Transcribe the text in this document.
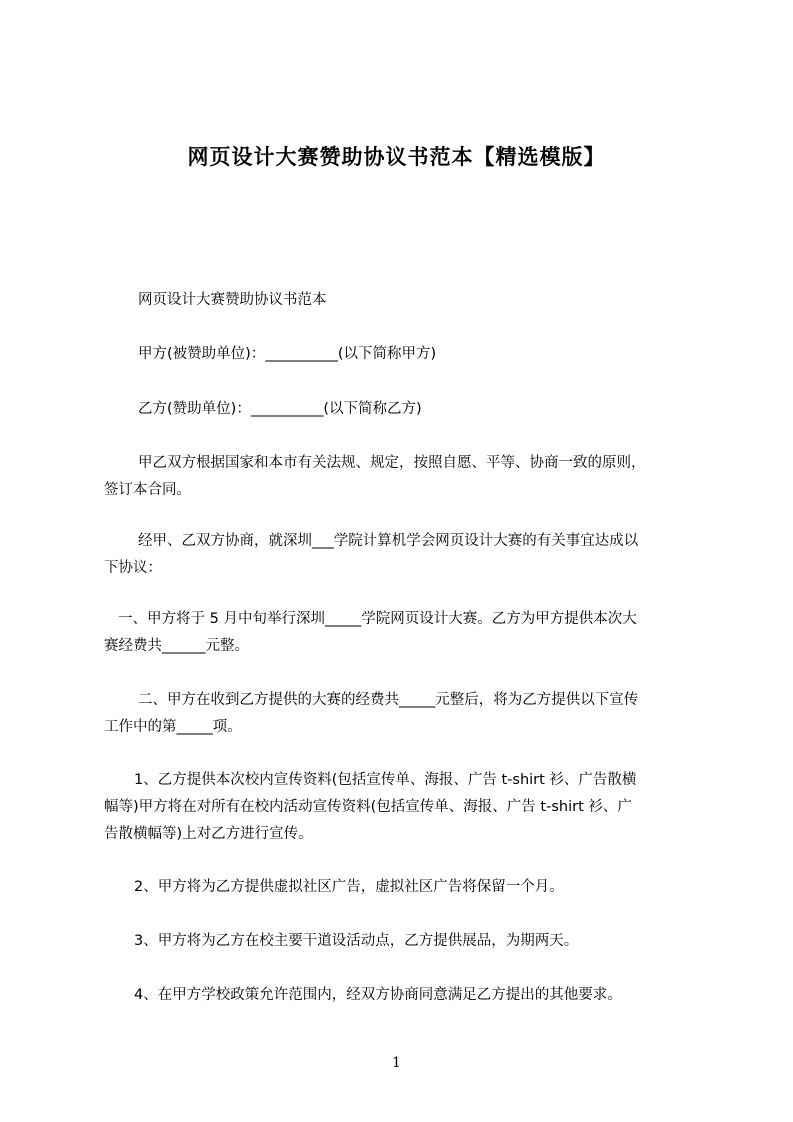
网页设计大赛赞助协议书范本【精选模版】
网页设计大赛赞助协议书范本
甲方(被赞助单位)：__________(以下简称甲方)
乙方(赞助单位)：__________(以下简称乙方)
甲乙双方根据国家和本市有关法规、规定，按照自愿、平等、协商一致的原则，
签订本合同。
经甲、乙双方协商，就深圳___学院计算机学会网页设计大赛的有关事宜达成以
下协议：
一、甲方将于 5 月中旬举行深圳_____学院网页设计大赛。乙方为甲方提供本次大
赛经费共______元整。
二、甲方在收到乙方提供的大赛的经费共_____元整后，将为乙方提供以下宣传
工作中的第_____项。
1、乙方提供本次校内宣传资料(包括宣传单、海报、广告 t-shirt 衫、广告散横
幅等)甲方将在对所有在校内活动宣传资料(包括宣传单、海报、广告 t-shirt 衫、广
告散横幅等)上对乙方进行宣传。
2、甲方将为乙方提供虚拟社区广告，虚拟社区广告将保留一个月。
3、甲方将为乙方在校主要干道设活动点，乙方提供展品，为期两天。
4、在甲方学校政策允许范围内，经双方协商同意满足乙方提出的其他要求。
1
